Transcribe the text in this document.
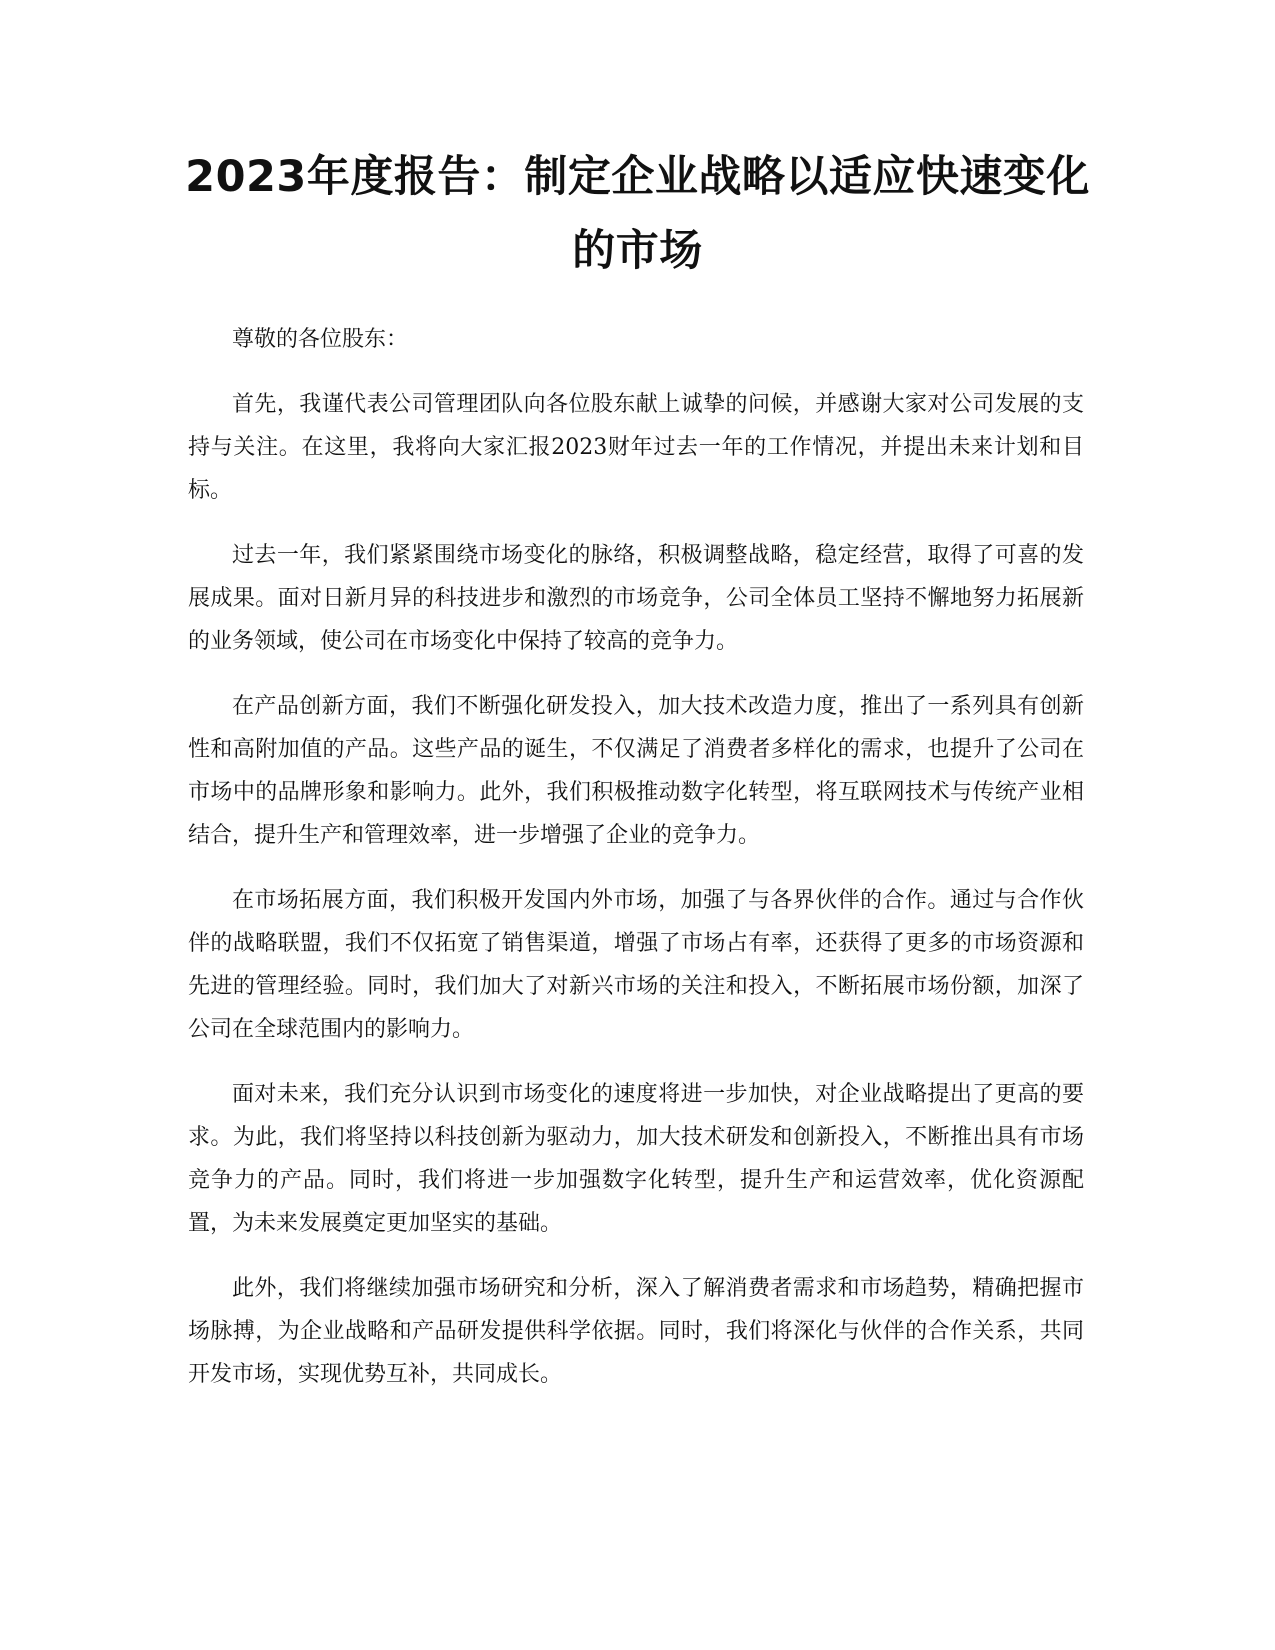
2023年度报告：制定企业战略以适应快速变化的市场

尊敬的各位股东：

首先，我谨代表公司管理团队向各位股东献上诚挚的问候，并感谢大家对公司发展的支持与关注。在这里，我将向大家汇报2023财年过去一年的工作情况，并提出未来计划和目标。

过去一年，我们紧紧围绕市场变化的脉络，积极调整战略，稳定经营，取得了可喜的发展成果。面对日新月异的科技进步和激烈的市场竞争，公司全体员工坚持不懈地努力拓展新的业务领域，使公司在市场变化中保持了较高的竞争力。

在产品创新方面，我们不断强化研发投入，加大技术改造力度，推出了一系列具有创新性和高附加值的产品。这些产品的诞生，不仅满足了消费者多样化的需求，也提升了公司在市场中的品牌形象和影响力。此外，我们积极推动数字化转型，将互联网技术与传统产业相结合，提升生产和管理效率，进一步增强了企业的竞争力。

在市场拓展方面，我们积极开发国内外市场，加强了与各界伙伴的合作。通过与合作伙伴的战略联盟，我们不仅拓宽了销售渠道，增强了市场占有率，还获得了更多的市场资源和先进的管理经验。同时，我们加大了对新兴市场的关注和投入，不断拓展市场份额，加深了公司在全球范围内的影响力。

面对未来，我们充分认识到市场变化的速度将进一步加快，对企业战略提出了更高的要求。为此，我们将坚持以科技创新为驱动力，加大技术研发和创新投入，不断推出具有市场竞争力的产品。同时，我们将进一步加强数字化转型，提升生产和运营效率，优化资源配置，为未来发展奠定更加坚实的基础。

此外，我们将继续加强市场研究和分析，深入了解消费者需求和市场趋势，精确把握市场脉搏，为企业战略和产品研发提供科学依据。同时，我们将深化与伙伴的合作关系，共同开发市场，实现优势互补，共同成长。
